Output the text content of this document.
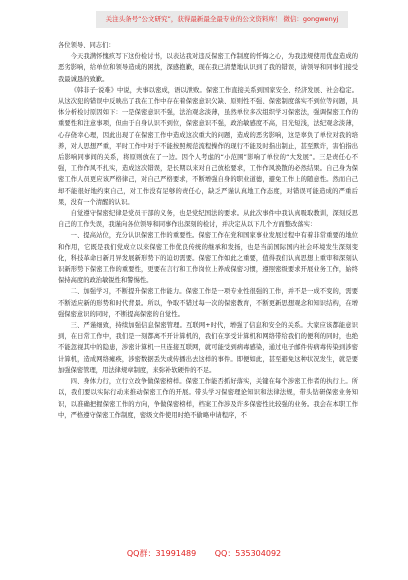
关注头条号“公文研究”，获得最新最全最专业的公文资料库！ 微信：gongwenyj

各位领导、同志们：

今天我满怀愧疚写下这份检讨书，以表达我对违反保密工作制度的忏悔之心，为我违规使用优盘造成的恶劣影响，给单位和领导造成的困扰，深感抱歉，现在我已清楚地认识到了我的错误，请领导和同事们接受我最诚恳的致歉。

《韩非子·说难》中说，夫事以密成，语以泄败。保密工作直接关系到国家安全、经济发展、社会稳定。从这次犯的错误中反映出了我在工作中存在着保密意识欠缺、原则性不强、保密制度落实不到位等问题，具体分析检讨原因如下：一是保密意识不强，法治观念淡薄，虽然单位多次组织学习保密法，强调保密工作的重要性和注意事项，但由于自身认识不到位，保密意识不强，政治敏感度不高，目光短浅，法纪观念淡薄，心存侥幸心理，因此出现了在保密工作中造成这次重大的问题，造成的恶劣影响，这是辜负了单位对我的培养，对人思想严重，平时工作中对于不能按照规范流程操作的现行不能及时指出制止，甚至默许，害怕指出后影响同事间的关系，将原则放在了一边。因个人考虑的“小范围”影响了单位的“大发展”。三是责任心不强，工作作风不扎实，造成这次错误，是长期以来对自己放松要求，工作作风涣散的必然结果。自己身为保密工作人员更应该严格律己，对自己严格要求，不断增强自身的职业道德，避免工作上的随意性。然而自己却不能很好地约束自己，对工作没有足够的责任心，缺乏严谨认真地工作态度，对错误可能造成的严重后果，没有一个清醒的认识。

自觉遵守保密纪律是党员干部的义务，也是党纪国法的要求。从此次事件中我认真吸取教训，深刻反思自己的工作失误，我谨向各位领导和同事作出深刻的检讨，并决定从以下几个方面整改落实：

一、提高站位，充分认识保密工作的重要性。保密工作在党和国家事业发展过程中有着非常重要的地位和作用，它既是我们党成立以来保密工作优良传统的继承和发扬，也是当前国际国内社会环境发生深刻变化，科技革命日新月异发展新形势下的迫切需要。保密工作如此之重要，值得我们认真思想上重审和深刻认识新形势下保密工作的重要性，更要在言行和工作岗位上养成保密习惯，遵照密级要求开展业务工作，始终保持高度的政治敏锐性和警惕性。

二、加强学习，不断提升保密工作能力。保密工作是一项专业性很强的工作，并不是一成不变的，需要不断适应新的形势和时代背景。所以，争取不错过每一次的保密教育，不断更新思想观念和知识结构，在增强保密意识的同时，不断提高保密的自觉性。

三、严谨细致，持续加强信息保密管理。互联网+时代，增强了信息和安全的关系。大家应该都能意识到，在日常工作中，我们是一刻都离不开计算机的，我们在享受计算机和网络带给我们的便利的同时，也绝不能忽视其中的隐患，涉密计算机一旦连接互联网，就可能受到病毒感染，通过电子邮件传病毒传染到涉密计算机，造成网络瘫痪，涉密数据丢失或传播出去这样的事件。即便如此，甚至避免这种状况发生，就是要加强保密管理，用法律规章制度，来弥补软硬件的不足。

四、身体力行，立行立改争做保密榜样。保密工作能否抓好落实，关键在每个涉密工作者的执行上。所以，我们要以实际行动来推动保密工作的开展。带头学习保密理论知识和法律法规，带头钻研保密业务知识，以准确把握保密工作的方向，争做保密榜样，档案工作涉及许多保密性比较强的业务。我会在本职工作中，严格遵守保密工作制度，密级文件使用时绝不偷略申请程序，不

QQ群：31991489 QQ：535304092
